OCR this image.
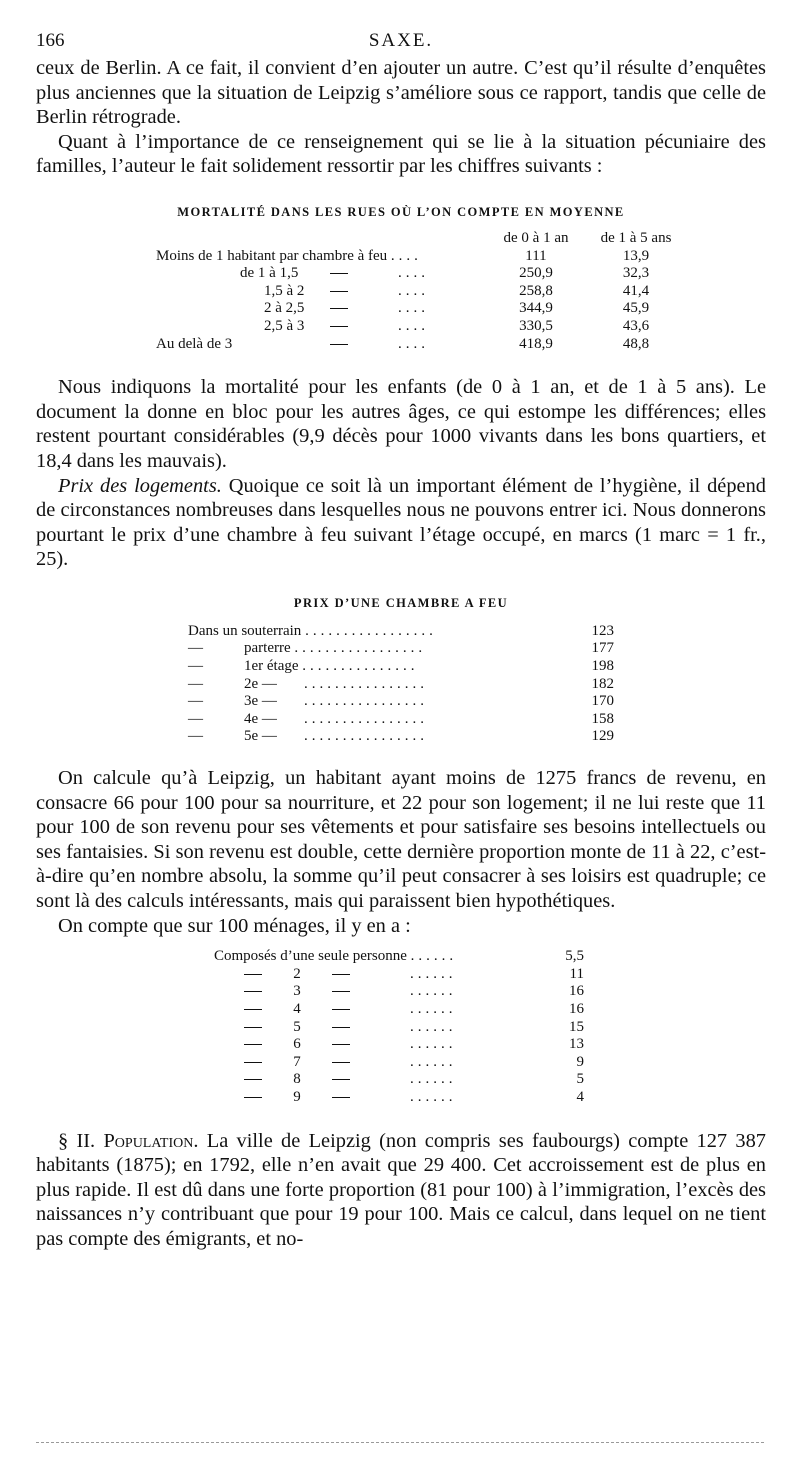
166	SAXE.

ceux de Berlin. A ce fait, il convient d’en ajouter un autre. C’est qu’il résulte d’enquêtes plus anciennes que la situation de Leipzig s’améliore sous ce rapport, tandis que celle de Berlin rétrograde.

Quant à l’importance de ce renseignement qui se lie à la situation pécuniaire des familles, l’auteur le fait solidement ressortir par les chiffres suivants :

MORTALITÉ DANS LES RUES OÙ L’ON COMPTE EN MOYENNE
	de 0 à 1 an	de 1 à 5 ans
Moins de 1 habitant par chambre à feu ....	111	13,9
de 1 à 1,5 ....	250,9	32,3
1,5 à 2 ....	258,8	41,4
2 à 2,5 ....	344,9	45,9
2,5 à 3 ....	330,5	43,6
Au delà de 3 ....	418,9	48,8

Nous indiquons la mortalité pour les enfants (de 0 à 1 an, et de 1 à 5 ans). Le document la donne en bloc pour les autres âges, ce qui estompe les différences; elles restent pourtant considérables (9,9 décès pour 1000 vivants dans les bons quartiers, et 18,4 dans les mauvais).

Prix des logements. Quoique ce soit là un important élément de l’hygiène, il dépend de circonstances nombreuses dans lesquelles nous ne pouvons entrer ici. Nous donnerons pourtant le prix d’une chambre à feu suivant l’étage occupé, en marcs (1 marc = 1 fr., 25).

PRIX D’UNE CHAMBRE A FEU
Dans un souterrain .................	123
— parterre .................	177
— 1er étage ...............	198
— 2e — ................	182
— 3e — ................	170
— 4e — ................	158
— 5e — ................	129

On calcule qu’à Leipzig, un habitant ayant moins de 1275 francs de revenu, en consacre 66 pour 100 pour sa nourriture, et 22 pour son logement; il ne lui reste que 11 pour 100 de son revenu pour ses vêtements et pour satisfaire ses besoins intellectuels ou ses fantaisies. Si son revenu est double, cette dernière proportion monte de 11 à 22, c’est-à-dire qu’en nombre absolu, la somme qu’il peut consacrer à ses loisirs est quadruple; ce sont là des calculs intéressants, mais qui paraissent bien hypothétiques.

On compte que sur 100 ménages, il y en a :

Composés d’une seule personne ......	5,5
2 ......	11
3 ......	16
4 ......	16
5 ......	15
6 ......	13
7 ......	9
8 ......	5
9 ......	4

§ II. Population. La ville de Leipzig (non compris ses faubourgs) compte 127 387 habitants (1875); en 1792, elle n’en avait que 29 400. Cet accroissement est de plus en plus rapide. Il est dû dans une forte proportion (81 pour 100) à l’immigration, l’excès des naissances n’y contribuant que pour 19 pour 100. Mais ce calcul, dans lequel on ne tient pas compte des émigrants, et no-
